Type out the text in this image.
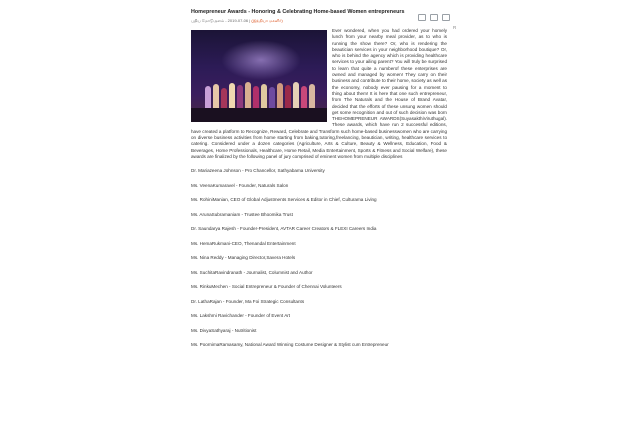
Homepreneur Awards - Honoring & Celebrating Home-based Women entrepreneurs
புதிய மோடு தளம் - 2019-07-06 | (இந்தியா மகளிர்)

Ever wondered, when you had ordered your homely lunch from your nearby meal provider, as to who is running the show there? Or, who is rendering the beautician services in your neighborhood boutique? Or, who is behind the agency which is providing healthcare services to your ailing parent? You will truly be surprised to learn that quite a numberof these enterprises are owned and managed by women! They carry on their business and contribute to their home, society as well as the economy, nobody ever pausing for a moment to thing about them! It is here that one such entrepreneur, from The Naturals and the House of Brand Avatar, decided that the efforts of these unsung women should get some recognition and out of such decision was born THEHOMEPRENEUR AWARDS(SuyasakthiViruthugal). These awards, which have run 2 successful editions, have created a platform to Recognize, Reward, Celebrate and Transform such home-based businesswomen who are carrying on diverse business activities from home starting from baking,tutoring,freelancing, beautician, writing, healthcare services to catering. Considered under a dozen categories (Agriculture, Arts & Culture, Beauty & Wellness, Education, Food & Beverages, Home Professionals, Healthcare, Home Retail, Media Entertainment, Sports & Fitness and Social Welfare), these awards are finalized by the following panel of jury comprised of eminent women from multiple disciplines

Dr. Mariazeena Johnson - Pro Chancellor, Sathyabama University

Ms. VeenaKumaravel - Founder, Naturals Salon

Ms. RohiniManian, CEO of Global Adjustments Services & Editor in Chief, Culturama Living

Ms. ArunaSubramaniam - Trustee Bhoomika Trust

Dr. Saundarya Rajesh - Founder-President, AVTAR Career Creators & FLEXI Careers India

Ms. HemaRukmani-CEO, Thenandal Entertainment

Ms. Nina Reddy - Managing Director,Savera Hotels

Ms. SuchitaRavindranath - Journalist, Columnist and Author

Ms. RinkuMechen - Social Entrepreneur & Founder of Chennai Volunteers

Dr. LathaRajan - Founder, Ma Foi Strategic Consultants

Ms. Lakshmi Ravichander - Founder of Event Art

Ms. DivyaSathyaraj - Nutritionist

Ms. PoornimaRamasamy, National Award Winning Costume Designer & Stylist cum Entrepreneur

R
